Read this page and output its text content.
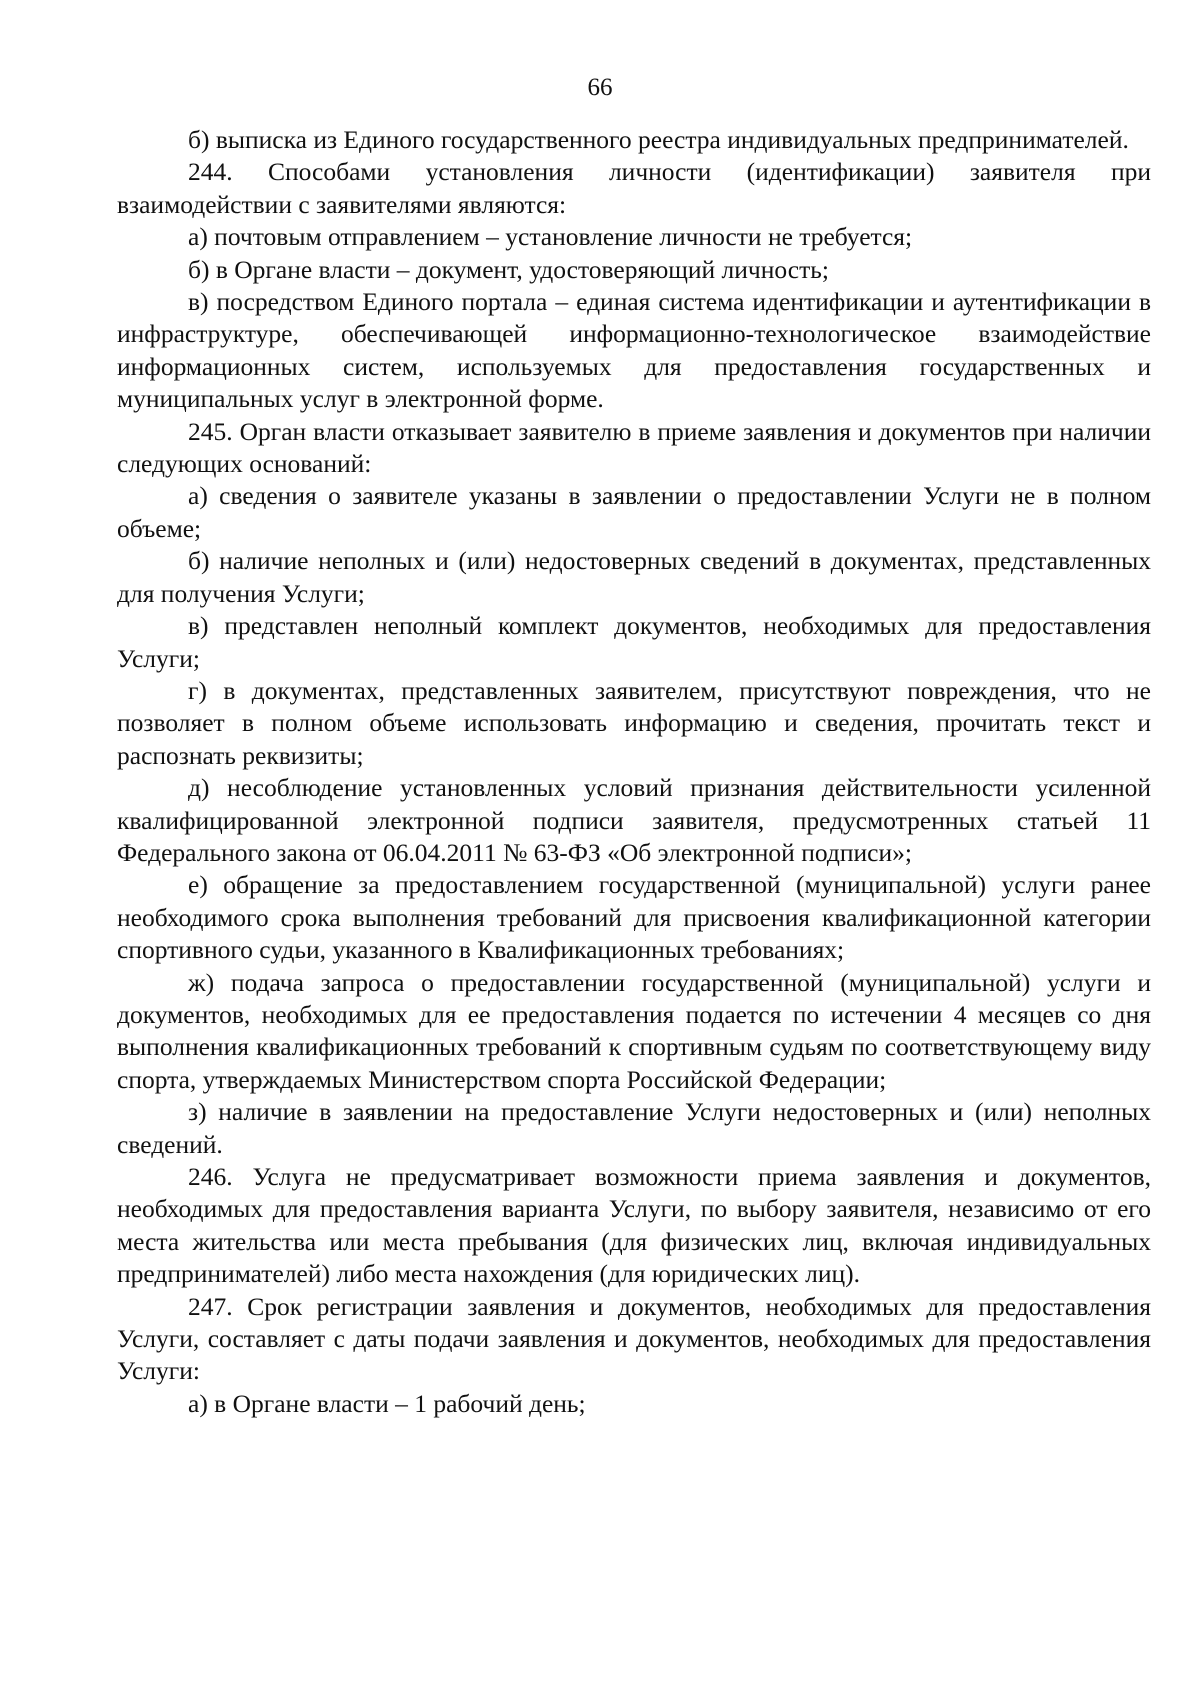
66

б) выписка из Единого государственного реестра индивидуальных предпринимателей.

244. Способами установления личности (идентификации) заявителя при взаимодействии с заявителями являются:

а) почтовым отправлением – установление личности не требуется;

б) в Органе власти – документ, удостоверяющий личность;

в) посредством Единого портала – единая система идентификации и аутентификации в инфраструктуре, обеспечивающей информационно-технологическое взаимодействие информационных систем, используемых для предоставления государственных и муниципальных услуг в электронной форме.

245. Орган власти отказывает заявителю в приеме заявления и документов при наличии следующих оснований:

а) сведения о заявителе указаны в заявлении о предоставлении Услуги не в полном объеме;

б) наличие неполных и (или) недостоверных сведений в документах, представленных для получения Услуги;

в) представлен неполный комплект документов, необходимых для предоставления Услуги;

г) в документах, представленных заявителем, присутствуют повреждения, что не позволяет в полном объеме использовать информацию и сведения, прочитать текст и распознать реквизиты;

д) несоблюдение установленных условий признания действительности усиленной квалифицированной электронной подписи заявителя, предусмотренных статьей 11 Федерального закона от 06.04.2011 № 63-ФЗ «Об электронной подписи»;

е) обращение за предоставлением государственной (муниципальной) услуги ранее необходимого срока выполнения требований для присвоения квалификационной категории спортивного судьи, указанного в Квалификационных требованиях;

ж) подача запроса о предоставлении государственной (муниципальной) услуги и документов, необходимых для ее предоставления подается по истечении 4 месяцев со дня выполнения квалификационных требований к спортивным судьям по соответствующему виду спорта, утверждаемых Министерством спорта Российской Федерации;

з) наличие в заявлении на предоставление Услуги недостоверных и (или) неполных сведений.

246. Услуга не предусматривает возможности приема заявления и документов, необходимых для предоставления варианта Услуги, по выбору заявителя, независимо от его места жительства или места пребывания (для физических лиц, включая индивидуальных предпринимателей) либо места нахождения (для юридических лиц).

247. Срок регистрации заявления и документов, необходимых для предоставления Услуги, составляет с даты подачи заявления и документов, необходимых для предоставления Услуги:

а) в Органе власти – 1 рабочий день;
